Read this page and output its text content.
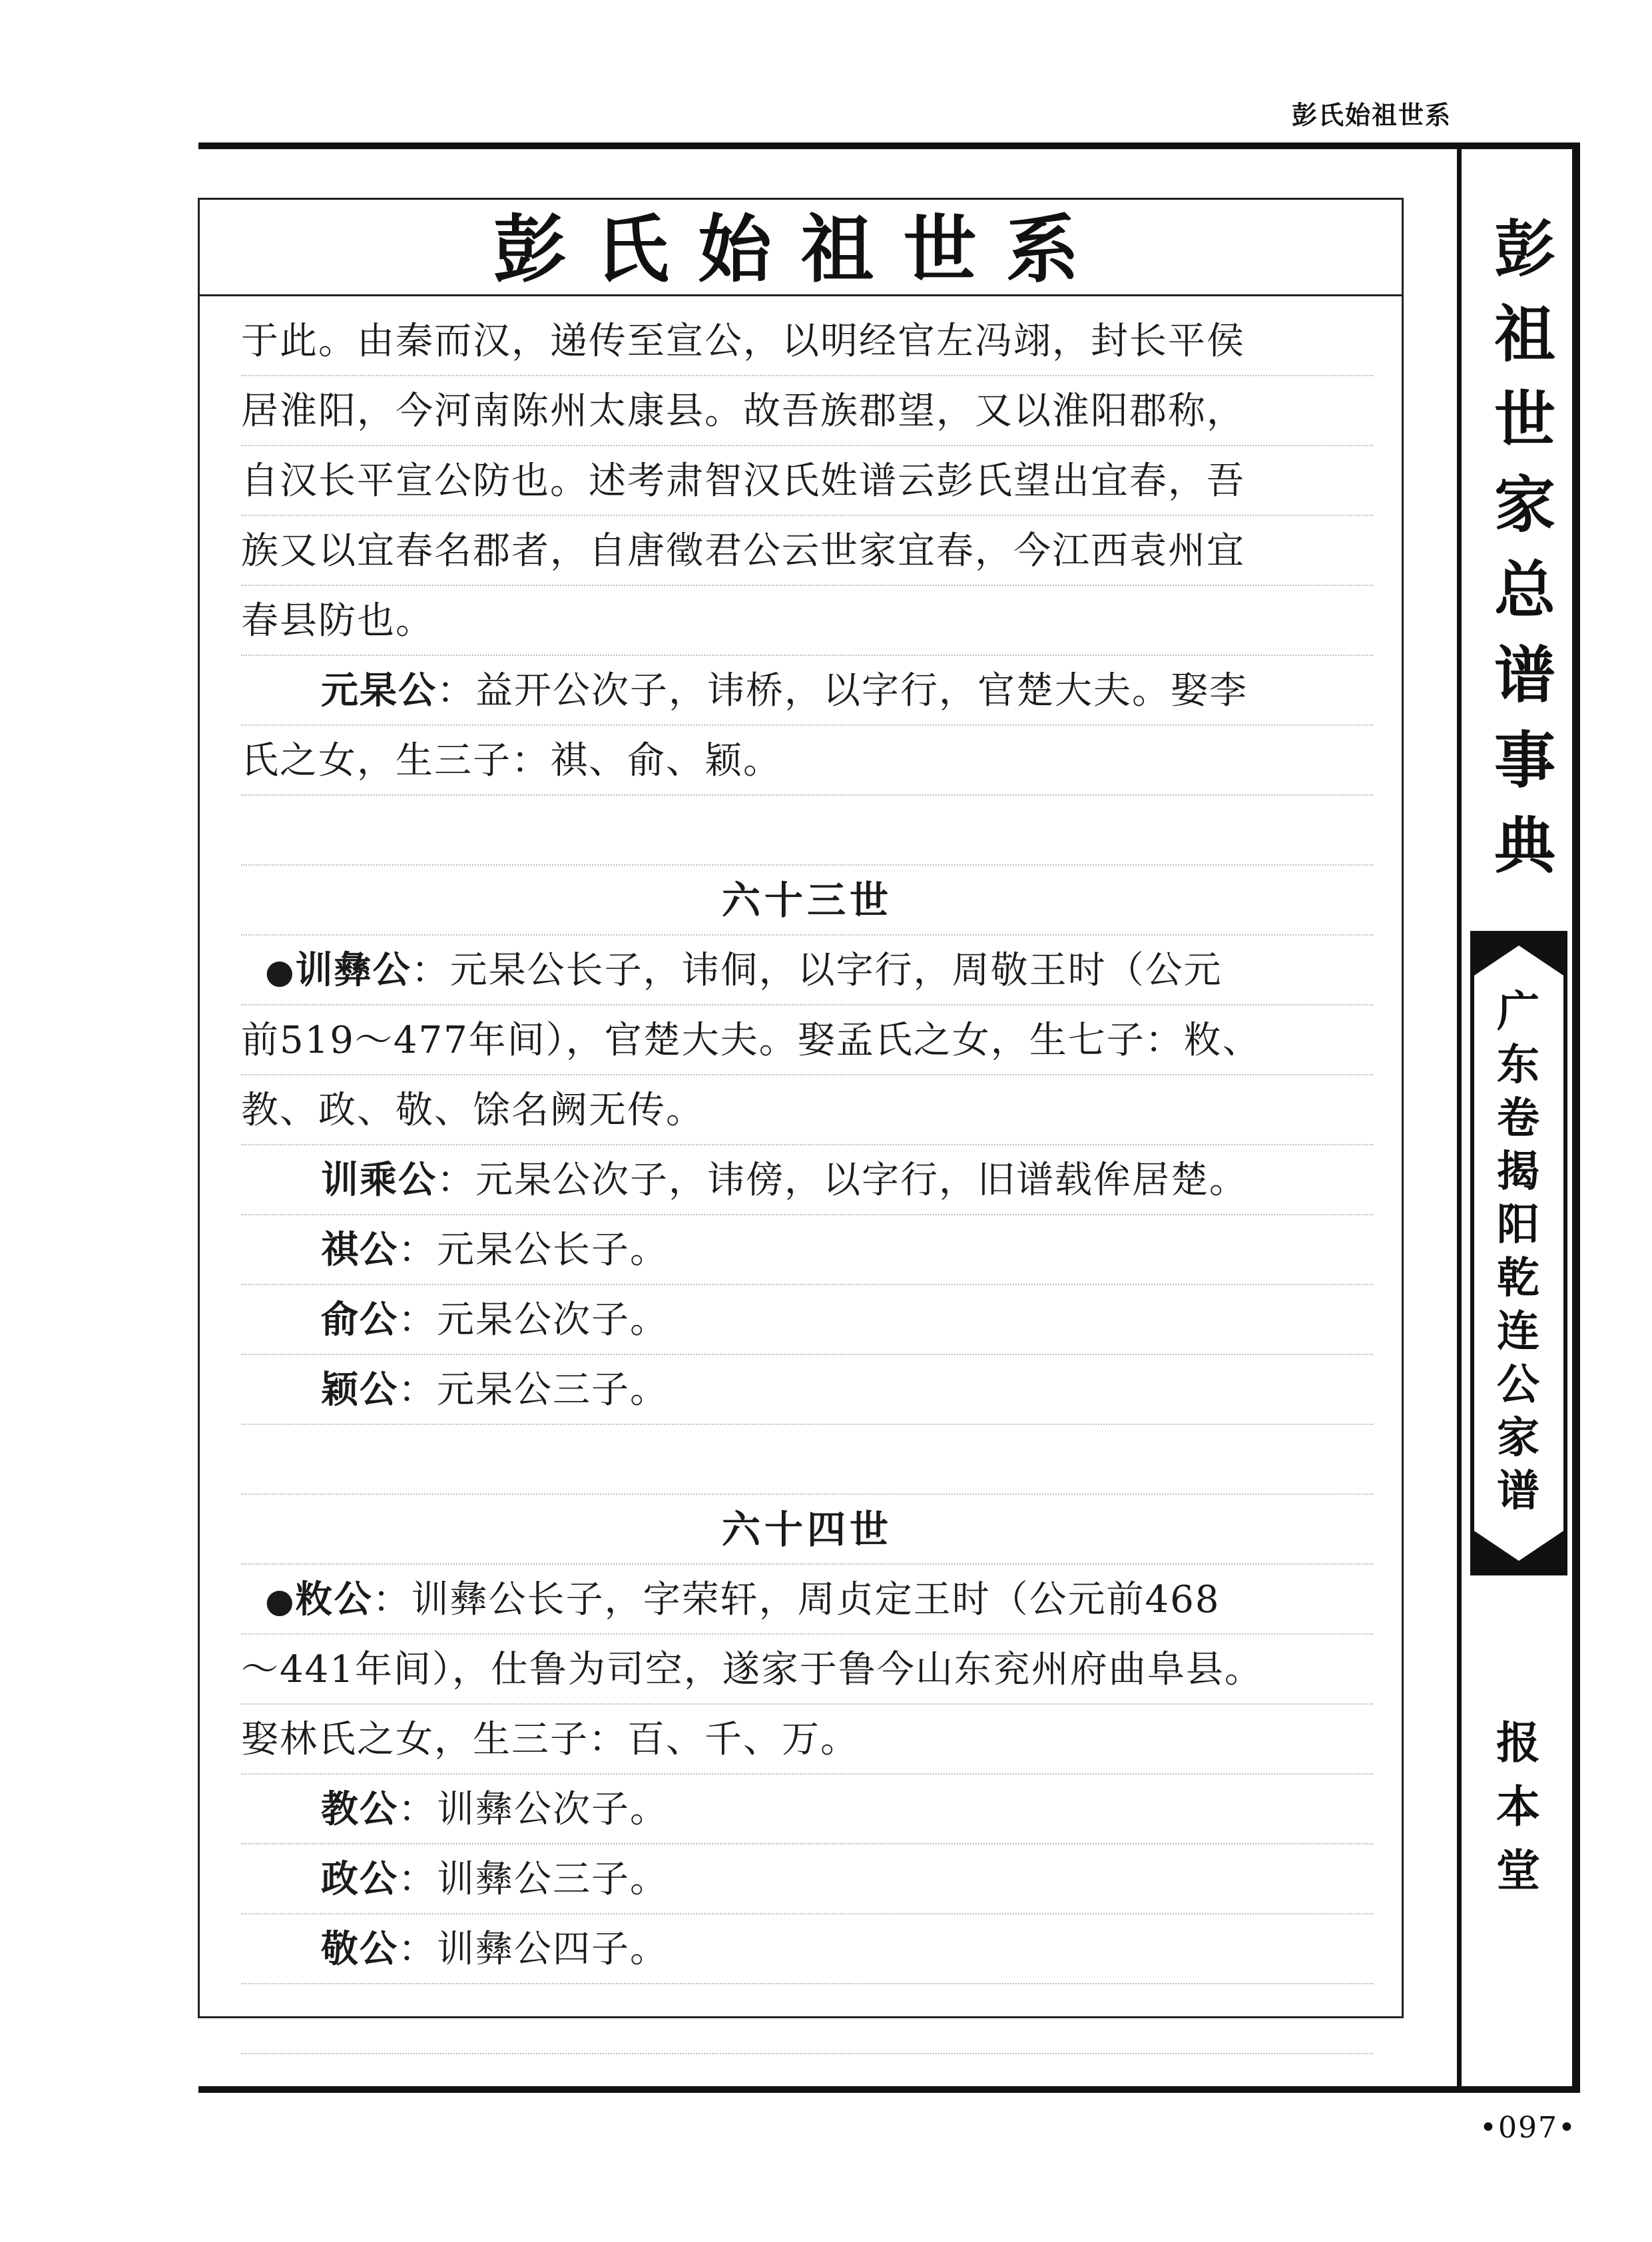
彭氏始祖世系
彭
祖
世
家
总
谱
事
典
广
东
卷
揭
阳
乾
连
公
家
谱
报
本
堂
彭氏始祖世系
于此。由秦而汉，递传至宣公，以明经官左冯翊，封长平侯
居淮阳，今河南陈州太康县。故吾族郡望，又以淮阳郡称，
自汉长平宣公防也。述考肃智汉氏姓谱云彭氏望出宜春，吾
族又以宜春名郡者，自唐徵君公云世家宜春，今江西袁州宜
春县防也。
元杲公：益开公次子，讳桥，以字行，官楚大夫。娶李
氏之女，生三子：祺、俞、颖。
六十三世
●训彝公：元杲公长子，讳侗，以字行，周敬王时（公元
前519～477年间），官楚大夫。娶孟氏之女，生七子：敉、
教、政、敬、馀名阙无传。
训乘公：元杲公次子，讳傍，以字行，旧谱载侔居楚。
祺公：元杲公长子。
俞公：元杲公次子。
颖公：元杲公三子。
六十四世
●敉公：训彝公长子，字荣轩，周贞定王时（公元前468
～441年间），仕鲁为司空，遂家于鲁今山东兖州府曲阜县。
娶林氏之女，生三子：百、千、万。
教公：训彝公次子。
政公：训彝公三子。
敬公：训彝公四子。
•097•
